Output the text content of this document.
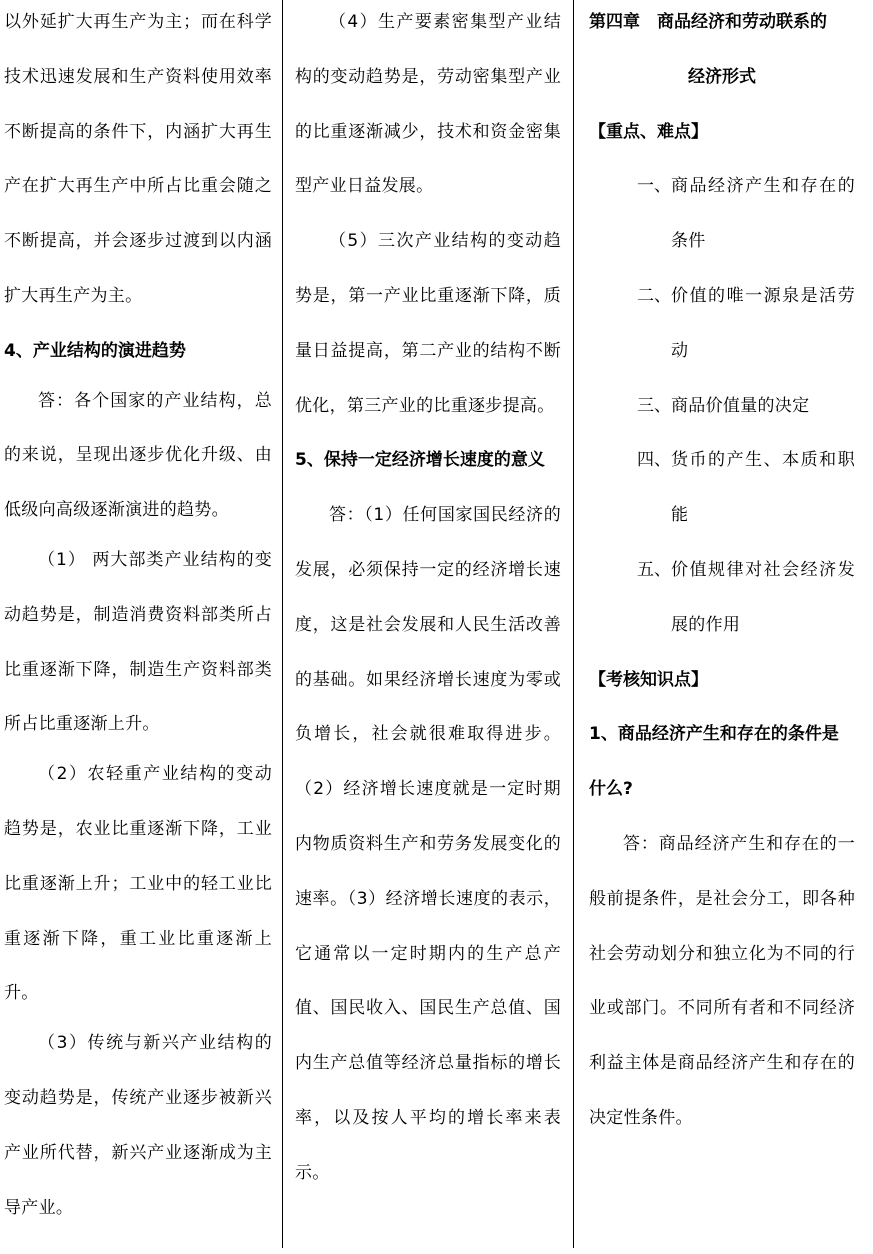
以外延扩大再生产为主；而在科学技术迅速发展和生产资料使用效率不断提高的条件下，内涵扩大再生产在扩大再生产中所占比重会随之不断提高，并会逐步过渡到以内涵扩大再生产为主。

4、产业结构的演进趋势

答：各个国家的产业结构，总的来说，呈现出逐步优化升级、由低级向高级逐渐演进的趋势。

（1） 两大部类产业结构的变动趋势是，制造消费资料部类所占比重逐渐下降，制造生产资料部类所占比重逐渐上升。

（2）农轻重产业结构的变动趋势是，农业比重逐渐下降，工业比重逐渐上升；工业中的轻工业比重逐渐下降，重工业比重逐渐上升。

（3）传统与新兴产业结构的变动趋势是，传统产业逐步被新兴产业所代替，新兴产业逐渐成为主导产业。

（4）生产要素密集型产业结构的变动趋势是，劳动密集型产业的比重逐渐减少，技术和资金密集型产业日益发展。

（5）三次产业结构的变动趋势是，第一产业比重逐渐下降，质量日益提高，第二产业的结构不断优化，第三产业的比重逐步提高。

5、保持一定经济增长速度的意义

答：（1）任何国家国民经济的发展，必须保持一定的经济增长速度，这是社会发展和人民生活改善的基础。如果经济增长速度为零或负增长，社会就很难取得进步。（2）经济增长速度就是一定时期内物质资料生产和劳务发展变化的速率。（3）经济增长速度的表示，它通常以一定时期内的生产总产值、国民收入、国民生产总值、国内生产总值等经济总量指标的增长率，以及按人平均的增长率来表示。

第四章　商品经济和劳动联系的

经济形式

【重点、难点】

一、 商品经济产生和存在的条件
二、 价值的唯一源泉是活劳动
三、 商品价值量的决定
四、 货币的产生、本质和职能
五、 价值规律对社会经济发展的作用

【考核知识点】

1、商品经济产生和存在的条件是什么?

答：商品经济产生和存在的一般前提条件，是社会分工，即各种社会劳动划分和独立化为不同的行业或部门。不同所有者和不同经济利益主体是商品经济产生和存在的决定性条件。
